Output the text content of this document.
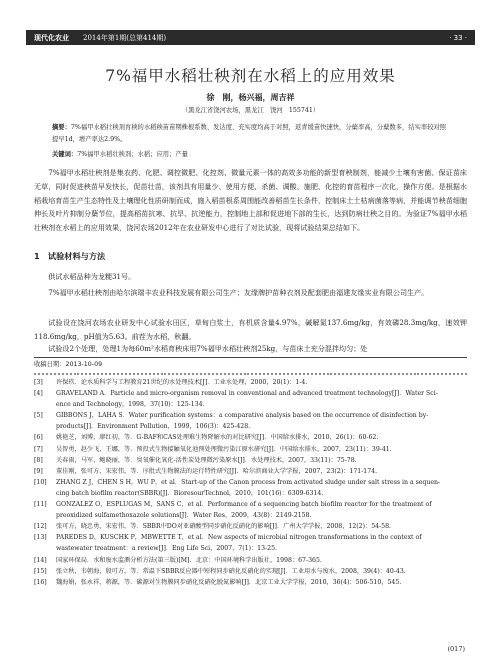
现代化农业 2014年第1期(总第414期)	· 33 ·
7%福甲水稻壮秧剂在水稻上的应用效果
徐　刚，杨兴福，周吉祥
（黑龙江省饶河农场，黑龙江　饶河　155741）
摘要：7%福甲水稻壮秧剂育秧的水稻秧苗苗期株根系数、发达度、充实度均高于对照，返青缓苗快速快，分蘖率高，分蘖数多，结实率较对照提早1d，增产率达2.9%。
关键词：7%福甲水稻壮秧剂；水稻；应用；产量
7%福甲水稻壮秧剂是集农药、化肥、调控微肥、化控剂、微量元素一体的高效多功能的新型育秧制剂，能减少土壤有害菌、保证苗床无草，同时促进秧苗早发快长，促苗壮苗，该剂具有用量少、使用方便、杀菌、调酸、施肥、化控的育苗程序一次化，操作方便。是根据水稻栽培育苗生产生态特性及土壤理化性质研制而成，施入稻苗根系周围能改善稻苗生长条件，控制床土土枯病菌落等病，并能调节秧苗细胞伸长及叶片抑制分蘖节位，提高稻苗抗寒、抗旱、抗逆能力，控制地上部和促进地下部的生长，达到防病壮秧之目的。为验证7%福甲水稻壮秧剂在水稻上的应用效果，饶河农场2012年在农业研发中心进行了对比试验，现将试验结果总结如下。
1　试验材料与方法
供试水稻品种为龙粳31号。
7%福甲水稻壮秧剂由哈尔滨瑞丰农业科技发展有限公司生产；友缘牌护苗种衣剂及配套肥由福建友缘实业有限公司生产。
试验设在饶河农场农业研发中心试验水田区，草甸白浆土，有机质含量4.97%，碱解氮137.6mg/kg，有效磷28.3mg/kg，速效钾118.6mg/kg，pH值为5.63。前茬为水稻，秋翻。
试验设2个处理，处理1为每60m²水稻育秧床用7%福甲水稻壮秧剂25kg，与苗床土充分混拌均匀；处
收稿日期：2013-10-09
[3]	许保玖．论水质科学与工程教育21世纪的水处理技术[J]．工业水处理，2000，20(1)：1-4.
[4]	GRAVELAND A．Particle and micro-organism removal in conventional and advanced treatment technology[J]．Water Sci-
ence and Technology，1998，37(10)：125-134.
[5]	GIBBONS J，LAHA S．Water purification systems：a comparative analysis based on the occurrence of disinfection by-
products[J]．Environment Pollution，1999，106(3)：425-428.
[6]	姚艳芝，刘博，廖红初，等．G-BAF和CAS处理难生物降解水的对比研究[J]．中国给水排水，2010，26(1)：60-62.
[7]	吴智勇，赵少飞，王娜，等．预投式生物接触氧化池预处理微污染江原水研究[J]．中国给水排水，2007，23(11)：39-41.
[8]	关春雨，马军，鲍晓丽，等．臭氧催化氧化-活性炭处理微污染原水[J]．水处理技术，2007，33(11)：75-78.
[9]	董佳刚，张可方，宋宏伟，等．序批式生物膜法的运行特性研究[J]．哈尔滨商业大学学报，2007，23(2)：171-174.
[10]	ZHANG Z J，CHEN S H，WU P，et al．Start-up of the Canon process from activated sludge under salt stress in a sequen-
cing batch biofilm reactor(SBBR)[J]．BioresourTechnol，2010，101(16)：6309-6314.
[11]	GONZALEZ O，ESPLUGAS M，SANS C，et al．Performance of a sequencing batch biofilm reactor for the treatment of
preoxidized sulfamethoxazole solutions[J]．Water Res，2009，43(8)：2149-2158.
[12]	张可方，晓忠勇，宋宏伟，等．SBBR中DO对亚硝酸型同步硝化反硝化的影响[J]．广州大学学报，2008，12(2)：54-58.
[13]	PAREDES D，KUSCHK P，MBWETTE T，et al．New aspects of microbial nitrogen transformations in the context of
wastewater treatment：a review[J]．Eng Life Sci，2007，7(1)：13-25.
[14]	国家环保局．水和废水监测分析方法(第三版)[M]．北京：中国环境科学出版社，1998：67-365.
[15]	张立秋，韦朝海，殷可方，等．常温下SBBR反应器中短程同步硝化反硝化的实现[J]．工业用水与废水，2008，39(4)：40-43.
[16]	魏海娟，张永祥，蒋源，等．碳源对生物膜同步硝化反硝化脱氮影响[J]．北京工业大学学报，2010，36(4)：506-510，545.
(017)
